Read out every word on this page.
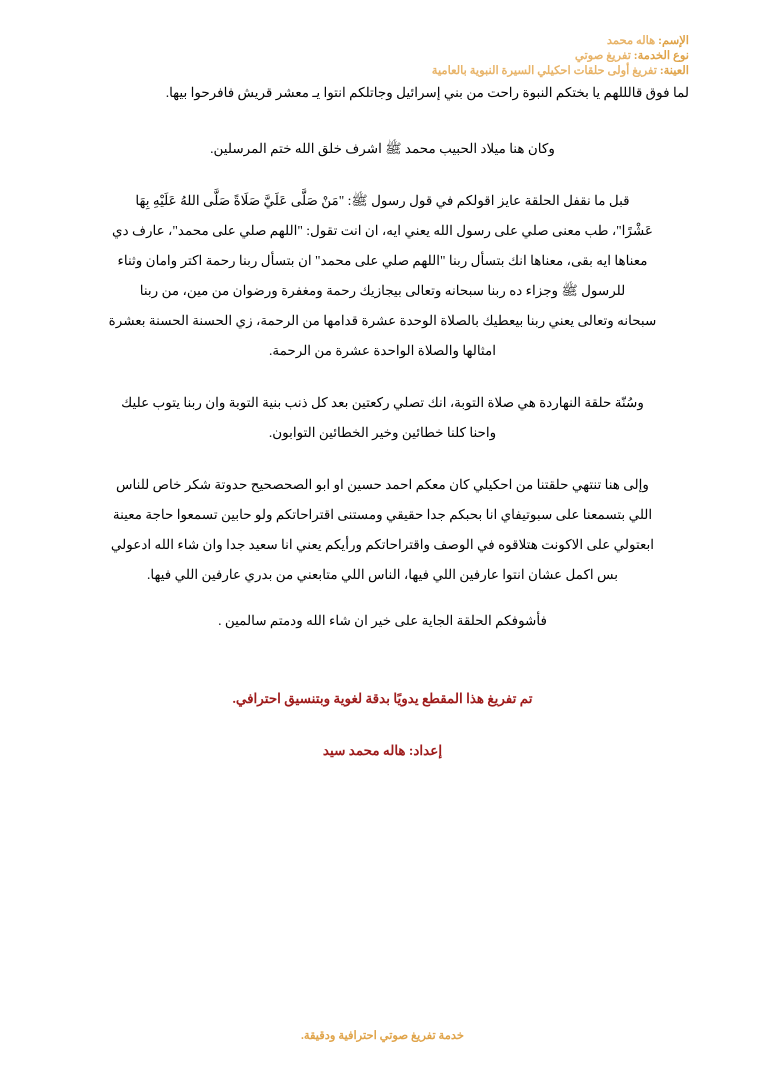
الإسم: هاله محمد
نوع الخدمة: تفريغ صوتي
العينة: تفريغ أولى حلقات احكيلي السيرة النبوية بالعامية

لما فوق قالللهم يا بختكم النبوة راحت من بني إسرائيل وجاتلكم انتوا يـ معشر قريش فافرحوا بيها.

وكان هنا ميلاد الحبيب محمد ﷺ اشرف خلق الله ختم المرسلين.
قبل ما نقفل الحلقة عايز اقولكم في قول رسول ﷺ: "مَنْ صَلَّى عَلَيَّ صَلَاةً صَلَّى اللهُ عَلَيْهِ بِهَا
عَشْرًا"، طب معنى صلي على رسول الله يعني ايه، ان انت تقول: "اللهم صلي على محمد"، عارف دي
معناها ايه بقى، معناها انك بتسأل ربنا "اللهم صلي على محمد" ان بتسأل ربنا رحمة اكتر وامان وثناء
للرسول ﷺ وجزاء ده ربنا سبحانه وتعالى بيجازيك رحمة ومغفرة ورضوان من مين، من ربنا
سبحانه وتعالى يعني ربنا بيعطيك بالصلاة الوحدة عشرة قدامها من الرحمة، زي الحسنة الحسنة بعشرة
امثالها والصلاة الواحدة عشرة من الرحمة.
وسُنّة حلقة النهاردة هي صلاة التوبة، انك تصلي ركعتين بعد كل ذنب بنية التوبة وان ربنا يتوب عليك
واحنا كلنا خطائين وخير الخطائين التوابون.
وإلى هنا تنتهي حلقتنا من احكيلي كان معكم احمد حسين او ابو الصحصحيح حدوتة شكر خاص للناس
اللي بتسمعنا على سبوتيفاي انا بحبكم جدا حقيقي ومستنى اقتراحاتكم ولو حابين تسمعوا حاجة معينة
ابعتولي على الاكونت هتلاقوه في الوصف واقتراحاتكم ورأيكم يعني انا سعيد جدا وان شاء الله ادعولي
بس اكمل عشان انتوا عارفين اللي فيها، الناس اللي متابعني من بدري عارفين اللي فيها.
فأشوفكم الحلقة الجاية على خير ان شاء الله ودمتم سالمين .
تم تفريغ هذا المقطع يدويًا بدقة لغوية وبتنسيق احترافي.
إعداد: هاله محمد سيد
خدمة تفريغ صوتي احترافية ودقيقة.
